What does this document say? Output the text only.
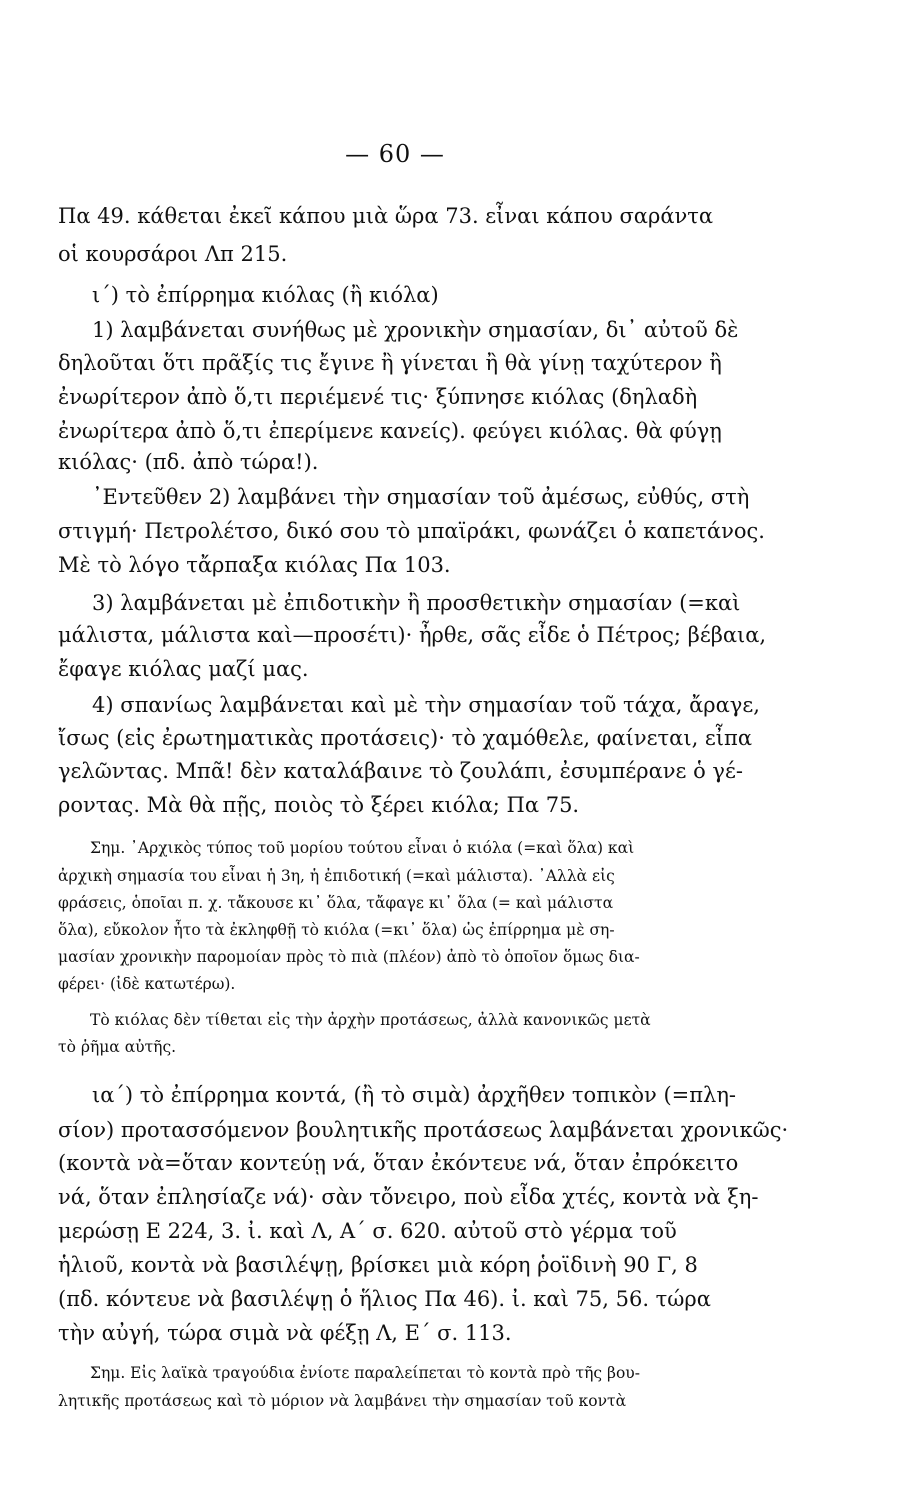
— 60 —
Πα 49. κάθεται ἐκεῖ κάπου μιὰ ὥρα 73. εἶναι κάπου σαράντα
οἱ κουρσάροι Λπ 215.
ι΄) τὸ ἐπίρρημα κιόλας (ἢ κιόλα)
1) λαμβάνεται συνήθως μὲ χρονικὴν σημασίαν, δι᾽ αὐτοῦ δὲ
δηλοῦται ὅτι πρᾶξίς τις ἔγινε ἢ γίνεται ἢ θὰ γίνῃ ταχύτερον ἢ
ἐνωρίτερον ἀπὸ ὅ,τι περιέμενέ τις· ξύπνησε κιόλας (δηλαδὴ
ἐνωρίτερα ἀπὸ ὅ,τι ἐπερίμενε κανείς). φεύγει κιόλας. θὰ φύγῃ
κιόλας· (πδ. ἀπὸ τώρα!).
᾽Εντεῦθεν 2) λαμβάνει τὴν σημασίαν τοῦ ἀμέσως, εὐθύς, στὴ
στιγμή· Πετρολέτσο, δικό σου τὸ μπαϊράκι, φωνάζει ὁ καπετάνος.
Μὲ τὸ λόγο τἄρπαξα κιόλας Πα 103.
3) λαμβάνεται μὲ ἐπιδοτικὴν ἢ προσθετικὴν σημασίαν (=καὶ
μάλιστα, μάλιστα καὶ—προσέτι)· ἦρθε, σᾶς εἶδε ὁ Πέτρος; βέβαια,
ἔφαγε κιόλας μαζί μας.
4) σπανίως λαμβάνεται καὶ μὲ τὴν σημασίαν τοῦ τάχα, ἄραγε,
ἴσως (εἰς ἐρωτηματικὰς προτάσεις)· τὸ χαμόθελε, φαίνεται, εἶπα
γελῶντας. Μπᾶ! δὲν καταλάβαινε τὸ ζουλάπι, ἐσυμπέρανε ὁ γέ-
ροντας. Μὰ θὰ πῇς, ποιὸς τὸ ξέρει κιόλα; Πα 75.
Σημ. ᾽Αρχικὸς τύπος τοῦ μορίου τούτου εἶναι ὁ κιόλα (=καὶ ὅλα) καὶ
ἀρχικὴ σημασία του εἶναι ἡ 3η, ἡ ἐπιδοτική (=καὶ μάλιστα). ᾽Αλλὰ εἰς
φράσεις, ὁποῖαι π. χ. τἄκουσε κι᾽ ὅλα, τἄφαγε κι᾽ ὅλα (= καὶ μάλιστα
ὅλα), εὔκολον ἦτο τὰ ἐκληφθῇ τὸ κιόλα (=κι᾽ ὅλα) ὡς ἐπίρρημα μὲ ση-
μασίαν χρονικὴν παρομοίαν πρὸς τὸ πιὰ (πλέον) ἀπὸ τὸ ὁποῖον ὅμως δια-
φέρει· (ἰδὲ κατωτέρω).
Τὸ κιόλας δὲν τίθεται εἰς τὴν ἀρχὴν προτάσεως, ἀλλὰ κανονικῶς μετὰ
τὸ ῥῆμα αὐτῆς.
ια΄) τὸ ἐπίρρημα κοντά, (ἢ τὸ σιμὰ) ἀρχῆθεν τοπικὸν (=πλη-
σίον) προτασσόμενον βουλητικῆς προτάσεως λαμβάνεται χρονικῶς·
(κοντὰ νὰ=ὅταν κοντεύῃ νά, ὅταν ἐκόντευε νά, ὅταν ἐπρόκειτο
νά, ὅταν ἐπλησίαζε νά)· σὰν τὄνειρο, ποὺ εἶδα χτές, κοντὰ νὰ ξη-
μερώσῃ Ε 224, 3. ἰ. καὶ Λ, Α΄ σ. 620. αὐτοῦ στὸ γέρμα τοῦ
ἡλιοῦ, κοντὰ νὰ βασιλέψῃ, βρίσκει μιὰ κόρη ῥοϊδινὴ 90 Γ, 8
(πδ. κόντευε νὰ βασιλέψῃ ὁ ἥλιος Πα 46). ἰ. καὶ 75, 56. τώρα
τὴν αὐγή, τώρα σιμὰ νὰ φέξῃ Λ, Ε΄ σ. 113.
Σημ. Εἰς λαϊκὰ τραγούδια ἐνίοτε παραλείπεται τὸ κοντὰ πρὸ τῆς βου-
λητικῆς προτάσεως καὶ τὸ μόριον νὰ λαμβάνει τὴν σημασίαν τοῦ κοντὰ
